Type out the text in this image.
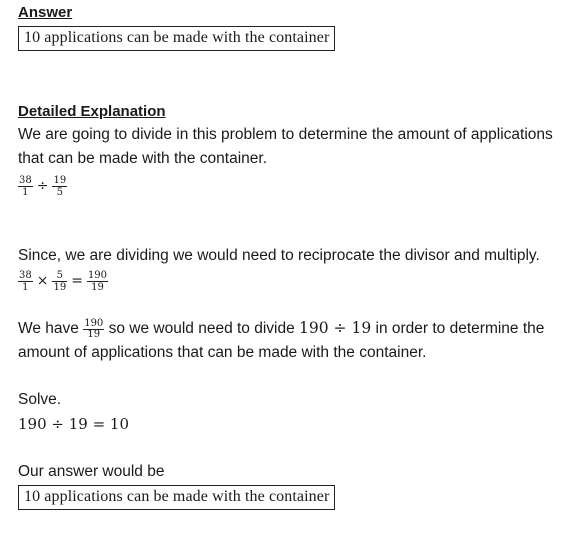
Answer
10 applications can be made with the container
Detailed Explanation
We are going to divide in this problem to determine the amount of applications
that can be made with the container.
$\frac{38}{1} \div \frac{19}{5}$
Since, we are dividing we would need to reciprocate the divisor and multiply.
$\frac{38}{1} \times \frac{5}{19} = \frac{190}{19}$
We have $\frac{190}{19}$ so we would need to divide 190 ÷ 19 in order to determine the
amount of applications that can be made with the container.
Solve.
190 ÷ 19 = 10
Our answer would be
10 applications can be made with the container
